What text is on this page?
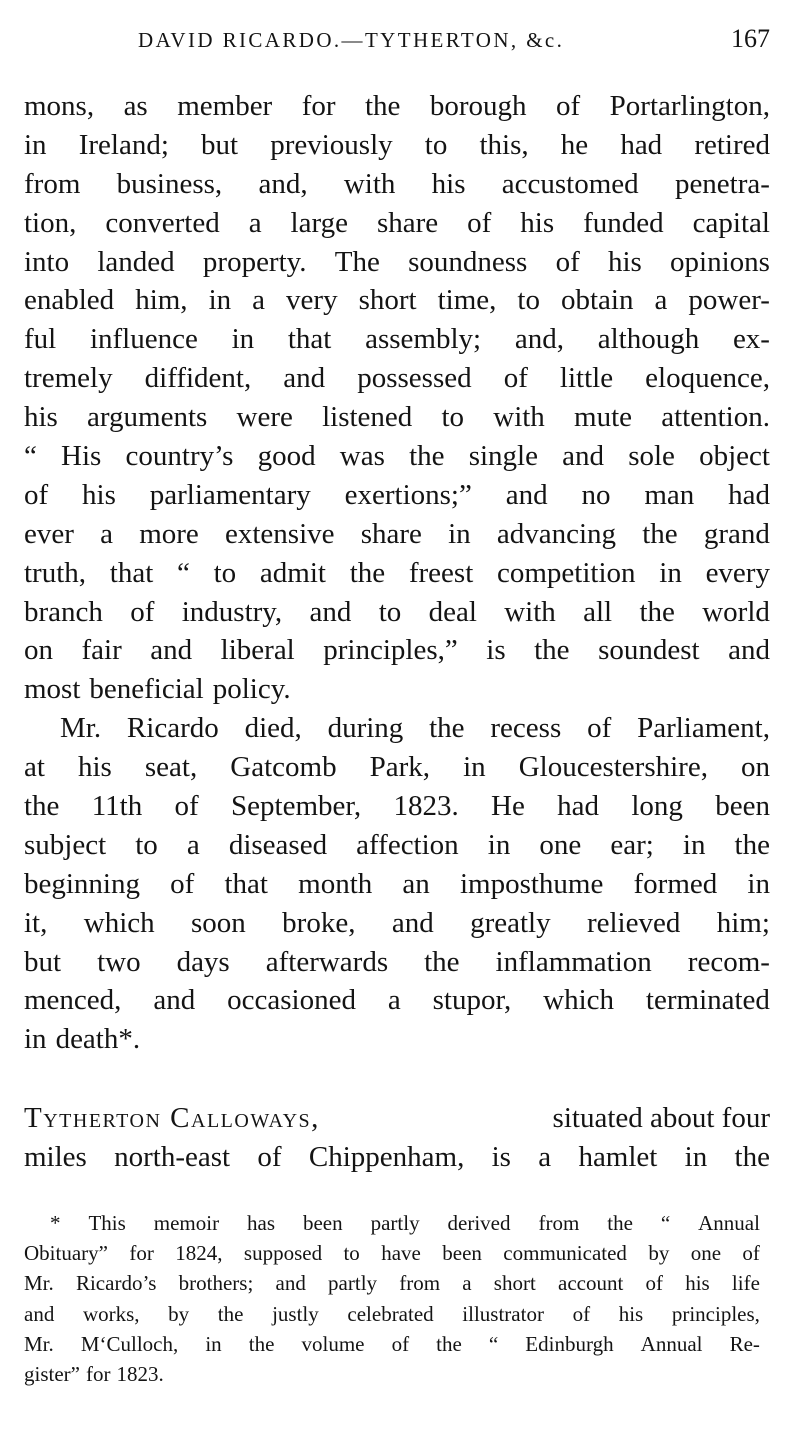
DAVID RICARDO.—TYTHERTON, &c.	167
mons, as member for the borough of Portarlington,
in Ireland; but previously to this, he had retired
from business, and, with his accustomed penetra-
tion, converted a large share of his funded capital
into landed property. The soundness of his opinions
enabled him, in a very short time, to obtain a power-
ful influence in that assembly; and, although ex-
tremely diffident, and possessed of little eloquence,
his arguments were listened to with mute attention.
“ His country’s good was the single and sole object
of his parliamentary exertions;” and no man had
ever a more extensive share in advancing the grand
truth, that “ to admit the freest competition in every
branch of industry, and to deal with all the world
on fair and liberal principles,” is the soundest and
most beneficial policy.
Mr. Ricardo died, during the recess of Parliament,
at his seat, Gatcomb Park, in Gloucestershire, on
the 11th of September, 1823. He had long been
subject to a diseased affection in one ear; in the
beginning of that month an imposthume formed in
it, which soon broke, and greatly relieved him;
but two days afterwards the inflammation recom-
menced, and occasioned a stupor, which terminated
in death*.
Tytherton Calloways,	situated about four
miles north-east of Chippenham, is a hamlet in the
* This memoir has been partly derived from the “ Annual
Obituary” for 1824, supposed to have been communicated by one of
Mr. Ricardo’s brothers; and partly from a short account of his life
and works, by the justly celebrated illustrator of his principles,
Mr. M‘Culloch, in the volume of the “ Edinburgh Annual Re-
gister” for 1823.
